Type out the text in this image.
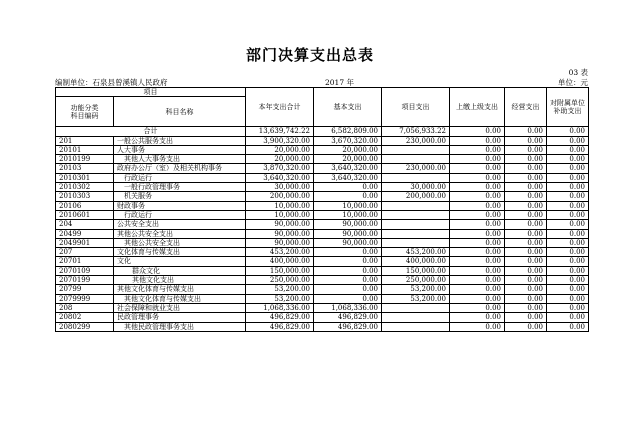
部门决算支出总表
03 表
编制单位：石泉县曾溪镇人民政府	2017 年	单位：元
项目		本年支出合计	基本支出	项目支出	上缴上级支出	经营支出	对附属单位
补助支出
功能分类
科目编码	科目名称						
合计		13,639,742.22	6,582,809.00	7,056,933.22	0.00	0.00	0.00
201	一般公共服务支出	3,900,320.00	3,670,320.00	230,000.00	0.00	0.00	0.00
20101	人大事务	20,000.00	20,000.00		0.00	0.00	0.00
2010199	其他人大事务支出	20,000.00	20,000.00		0.00	0.00	0.00
20103	政府办公厅（室）及相关机构事务	3,870,320.00	3,640,320.00	230,000.00	0.00	0.00	0.00
2010301	行政运行	3,640,320.00	3,640,320.00		0.00	0.00	0.00
2010302	一般行政管理事务	30,000.00	0.00	30,000.00	0.00	0.00	0.00
2010303	机关服务	200,000.00	0.00	200,000.00	0.00	0.00	0.00
20106	财政事务	10,000.00	10,000.00		0.00	0.00	0.00
2010601	行政运行	10,000.00	10,000.00		0.00	0.00	0.00
204	公共安全支出	90,000.00	90,000.00		0.00	0.00	0.00
20499	其他公共安全支出	90,000.00	90,000.00		0.00	0.00	0.00
2049901	其他公共安全支出	90,000.00	90,000.00		0.00	0.00	0.00
207	文化体育与传媒支出	453,200.00	0.00	453,200.00	0.00	0.00	0.00
20701	文化	400,000.00	0.00	400,000.00	0.00	0.00	0.00
2070109	群众文化	150,000.00	0.00	150,000.00	0.00	0.00	0.00
2070199	其他文化支出	250,000.00	0.00	250,000.00	0.00	0.00	0.00
20799	其他文化体育与传媒支出	53,200.00	0.00	53,200.00	0.00	0.00	0.00
2079999	其他文化体育与传媒支出	53,200.00	0.00	53,200.00	0.00	0.00	0.00
208	社会保障和就业支出	1,068,336.00	1,068,336.00		0.00	0.00	0.00
20802	民政管理事务	496,829.00	496,829.00		0.00	0.00	0.00
2080299	其他民政管理事务支出	496,829.00	496,829.00		0.00	0.00	0.00
